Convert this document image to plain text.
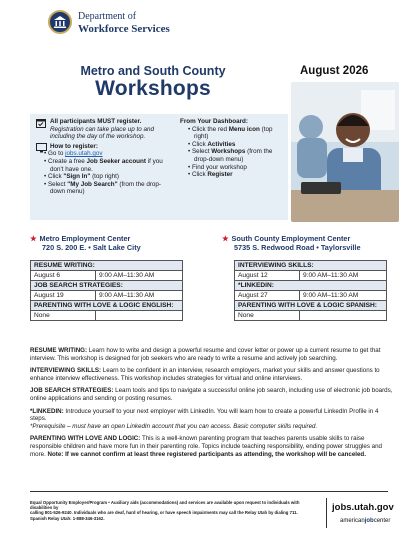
Department of
Workforce Services
Metro and South County
Workshops
August 2026
All participants MUST register.
Registration can take place up to and including the day of the workshop.
How to register:
• Go to jobs.utah.gov
• Create a free Job Seeker account if you don't have one.
• Click "Sign In" (top right)
• Select "My Job Search" (from the drop-down menu)
From Your Dashboard:
• Click the red Menu icon (top right)
• Click Activities
• Select Workshops (from the drop-down menu)
• Find your workshop
• Click Register
★ Metro Employment Center
720 S. 200 E. • Salt Lake City
★ South County Employment Center
5735 S. Redwood Road • Taylorsville
RESUME WRITING:	
August 6	9:00 AM–11:30 AM
JOB SEARCH STRATEGIES:	
August 19	9:00 AM–11:30 AM
PARENTING WITH LOVE & LOGIC ENGLISH:	
None	
INTERVIEWING SKILLS:	
August 12	9:00 AM–11:30 AM
*LINKEDIN:	
August 27	9:00 AM–11:30 AM
PARENTING WITH LOVE & LOGIC SPANISH:	
None	

RESUME WRITING: Learn how to write and design a powerful resume and cover letter or power up a current resume to get that interview. This workshop is designed for job seekers who are ready to write a resume and actively job searching.

INTERVIEWING SKILLS: Learn to be confident in an interview, research employers, market your skills and answer questions to enhance interview effectiveness. This workshop includes strategies for virtual and online interviews.

JOB SEARCH STRATEGIES: Learn tools and tips to navigate a successful online job search, including use of electronic job boards, online applications and sending or posting resumes.

*LINKEDIN: Introduce yourself to your next employer with LinkedIn. You will learn how to create a powerful LinkedIn Profile in 4 steps.
*Prerequisite – must have an open LinkedIn account that you can access. Basic computer skills required.

PARENTING WITH LOVE AND LOGIC: This is a well-known parenting program that teaches parents usable skills to raise responsible children and have more fun in their parenting role. Topics include teaching responsibility, ending power struggles and more. Note: If we cannot confirm at least three registered participants as attending, the workshop will be canceled.

Equal Opportunity Employer/Program • Auxiliary aids (accommodations) and services are available upon request to individuals with disabilities by
calling 801-526-9240. Individuals who are deaf, hard of hearing, or have speech impairments may call the Relay Utah by dialing 711.
Spanish Relay Utah: 1-888-346-3162.
jobs.utah.gov
americanjobcenter
